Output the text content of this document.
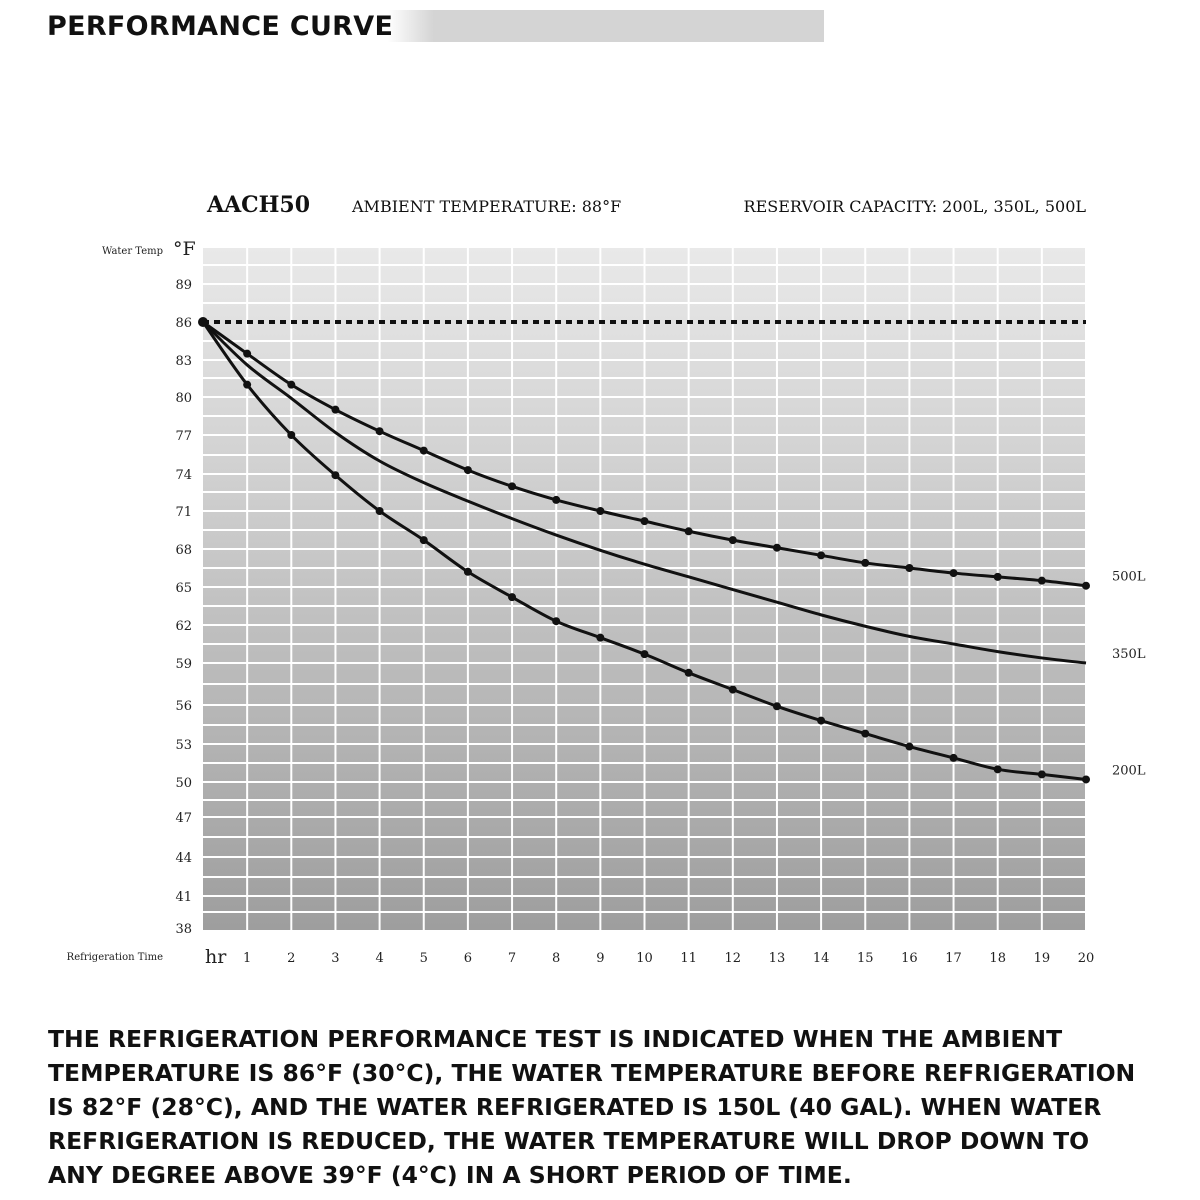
PERFORMANCE CURVE
AACH50	AMBIENT TEMPERATURE: 88°F	RESERVOIR CAPACITY: 200L, 350L, 500L
Water Temp °F
Refrigeration Time hr
89
86
83
80
77
74
71
68
65
62
59
56
53
50
47
44
41
38
1	2	3	4	5	6	7	8	9 10 11 12 13 14 15 16 17 18 19 20
500L
350L
200L
THE REFRIGERATION PERFORMANCE TEST IS INDICATED WHEN THE AMBIENT
TEMPERATURE IS 86°F (30°C), THE WATER TEMPERATURE BEFORE REFRIGERATION
IS 82°F (28°C), AND THE WATER REFRIGERATED IS 150L (40 GAL). WHEN WATER
REFRIGERATION IS REDUCED, THE WATER TEMPERATURE WILL DROP DOWN TO
ANY DEGREE ABOVE 39°F (4°C) IN A SHORT PERIOD OF TIME.
